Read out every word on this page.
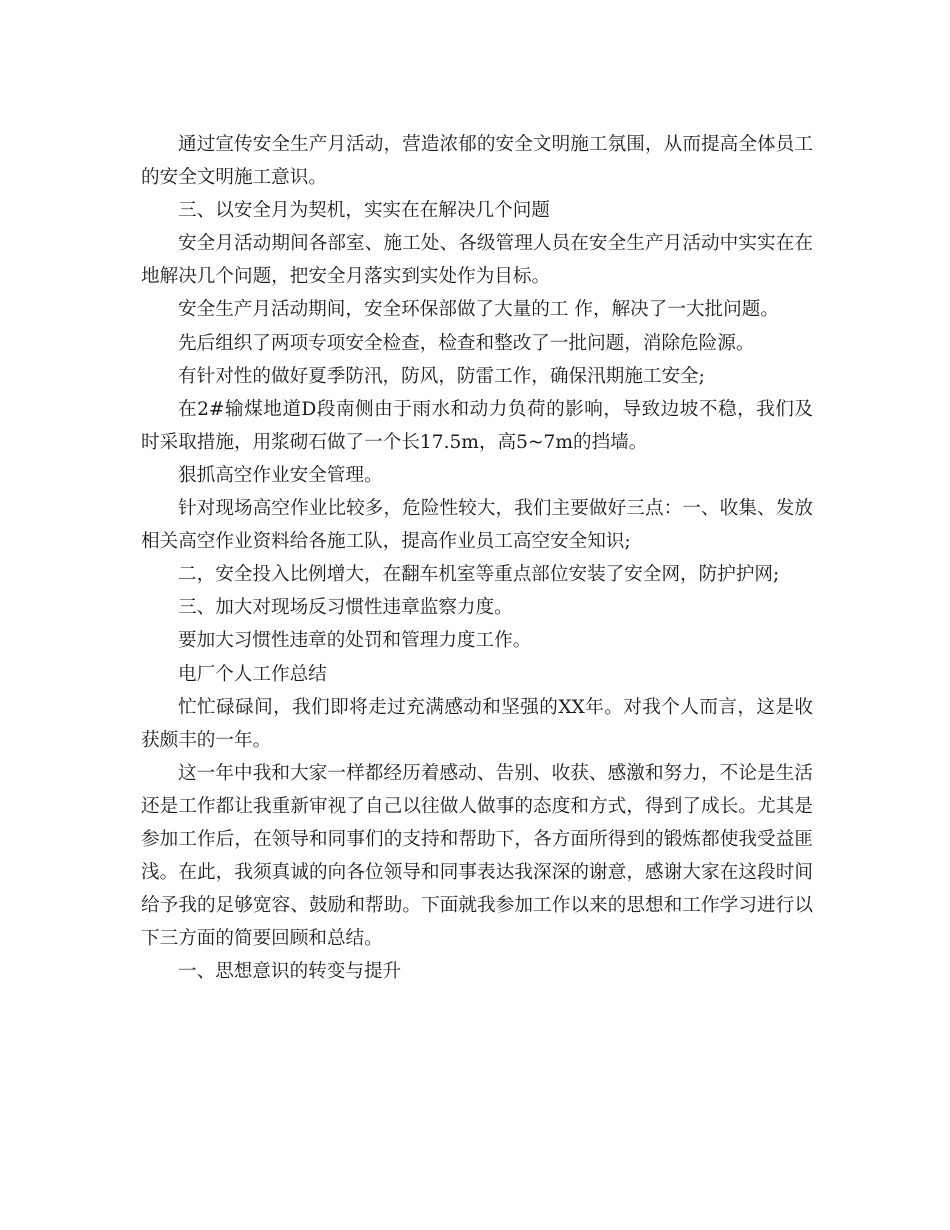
通过宣传安全生产月活动，营造浓郁的安全文明施工氛围，从而提高全体员工的安全文明施工意识。

三、以安全月为契机，实实在在解决几个问题

安全月活动期间各部室、施工处、各级管理人员在安全生产月活动中实实在在地解决几个问题，把安全月落实到实处作为目标。

安全生产月活动期间，安全环保部做了大量的工 作，解决了一大批问题。

先后组织了两项专项安全检查，检查和整改了一批问题，消除危险源。

有针对性的做好夏季防汛，防风，防雷工作，确保汛期施工安全;

在2#输煤地道D段南侧由于雨水和动力负荷的影响，导致边坡不稳，我们及时采取措施，用浆砌石做了一个长17.5m，高5~7m的挡墙。

狠抓高空作业安全管理。

针对现场高空作业比较多，危险性较大，我们主要做好三点：一、收集、发放相关高空作业资料给各施工队，提高作业员工高空安全知识;

二，安全投入比例增大，在翻车机室等重点部位安装了安全网，防护护网;

三、加大对现场反习惯性违章监察力度。

要加大习惯性违章的处罚和管理力度工作。

电厂个人工作总结

忙忙碌碌间，我们即将走过充满感动和坚强的XX年。对我个人而言，这是收获颇丰的一年。

这一年中我和大家一样都经历着感动、告别、收获、感激和努力，不论是生活还是工作都让我重新审视了自己以往做人做事的态度和方式，得到了成长。尤其是参加工作后，在领导和同事们的支持和帮助下，各方面所得到的锻炼都使我受益匪浅。在此，我须真诚的向各位领导和同事表达我深深的谢意，感谢大家在这段时间给予我的足够宽容、鼓励和帮助。下面就我参加工作以来的思想和工作学习进行以下三方面的简要回顾和总结。

一、思想意识的转变与提升
